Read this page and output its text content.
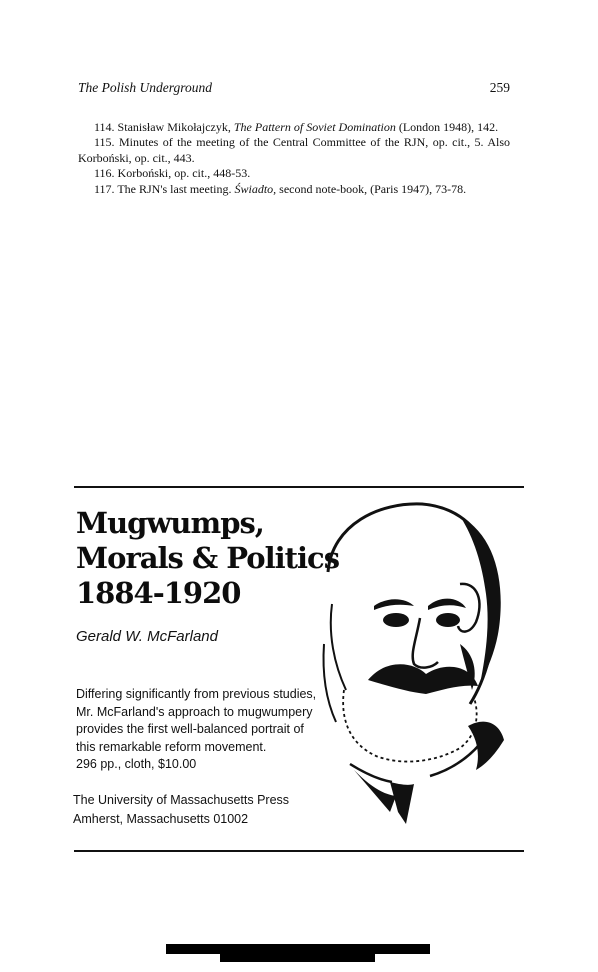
The Polish Underground	259

114. Stanisław Mikołajczyk, The Pattern of Soviet Domination (London 1948), 142.

115. Minutes of the meeting of the Central Committee of the RJN, op. cit., 5. Also Korboński, op. cit., 443.

116. Korboński, op. cit., 448-53.

117. The RJN's last meeting. Świadto, second note-book, (Paris 1947), 73-78.

Mugwumps,
Morals & Politics
1884-1920
Gerald W. McFarland
Differing significantly from previous studies,
Mr. McFarland's approach to mugwumpery
provides the first well-balanced portrait of
this remarkable reform movement.
296 pp., cloth, $10.00
The University of Massachusetts Press
Amherst, Massachusetts 01002
